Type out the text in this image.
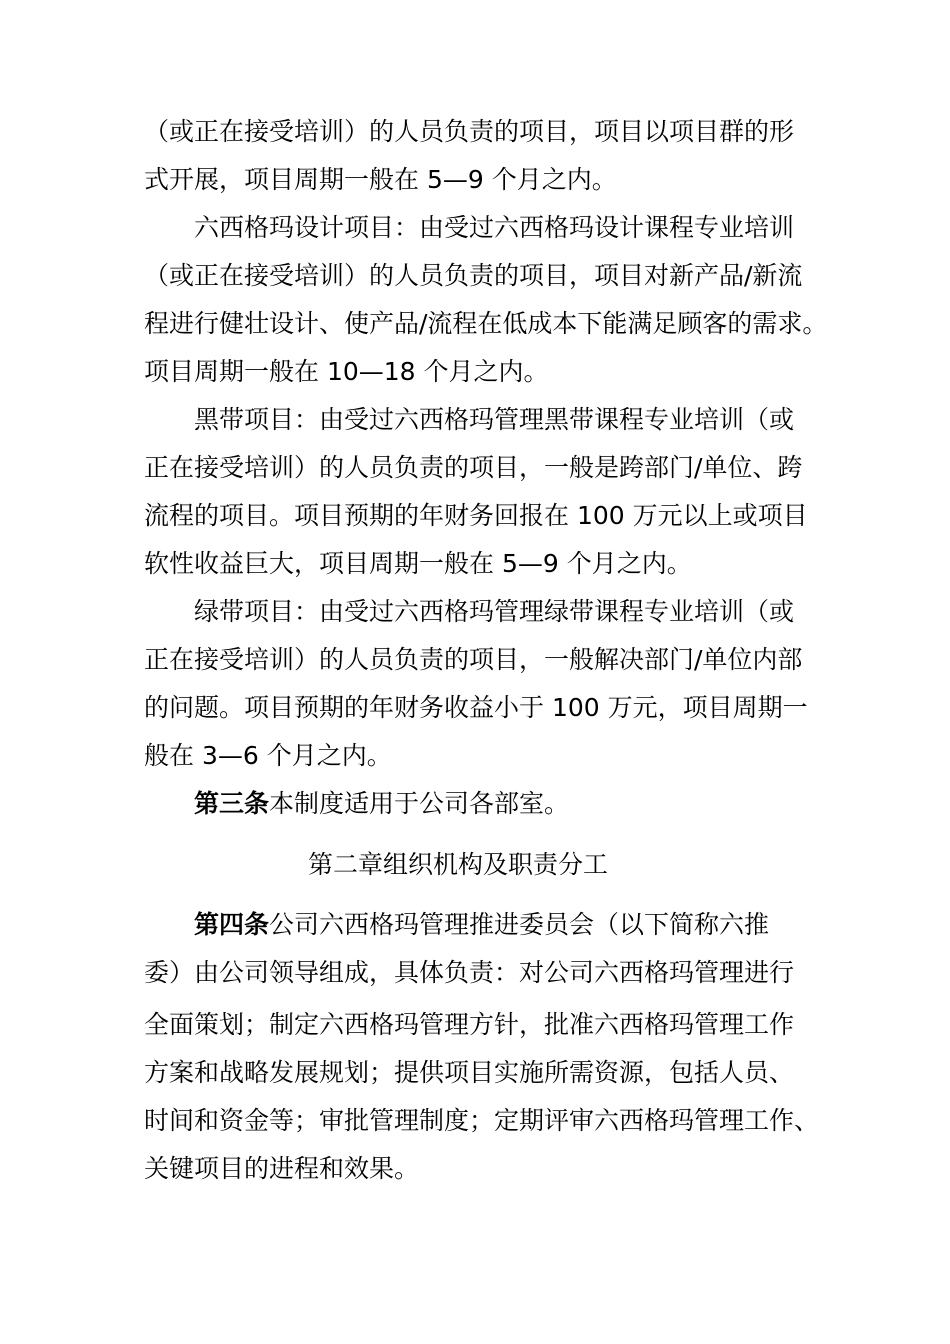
（或正在接受培训）的人员负责的项目，项目以项目群的形
式开展，项目周期一般在 5—9 个月之内。
六西格玛设计项目：由受过六西格玛设计课程专业培训
（或正在接受培训）的人员负责的项目，项目对新产品/新流
程进行健壮设计、使产品/流程在低成本下能满足顾客的需求。
项目周期一般在 10—18 个月之内。
黑带项目：由受过六西格玛管理黑带课程专业培训（或
正在接受培训）的人员负责的项目，一般是跨部门/单位、跨
流程的项目。项目预期的年财务回报在 100 万元以上或项目
软性收益巨大，项目周期一般在 5—9 个月之内。
绿带项目：由受过六西格玛管理绿带课程专业培训（或
正在接受培训）的人员负责的项目，一般解决部门/单位内部
的问题。项目预期的年财务收益小于 100 万元，项目周期一
般在 3—6 个月之内。
第三条本制度适用于公司各部室。
第二章组织机构及职责分工
第四条公司六西格玛管理推进委员会（以下简称六推
委）由公司领导组成，具体负责：对公司六西格玛管理进行
全面策划；制定六西格玛管理方针，批准六西格玛管理工作
方案和战略发展规划；提供项目实施所需资源，包括人员、
时间和资金等；审批管理制度；定期评审六西格玛管理工作、
关键项目的进程和效果。
